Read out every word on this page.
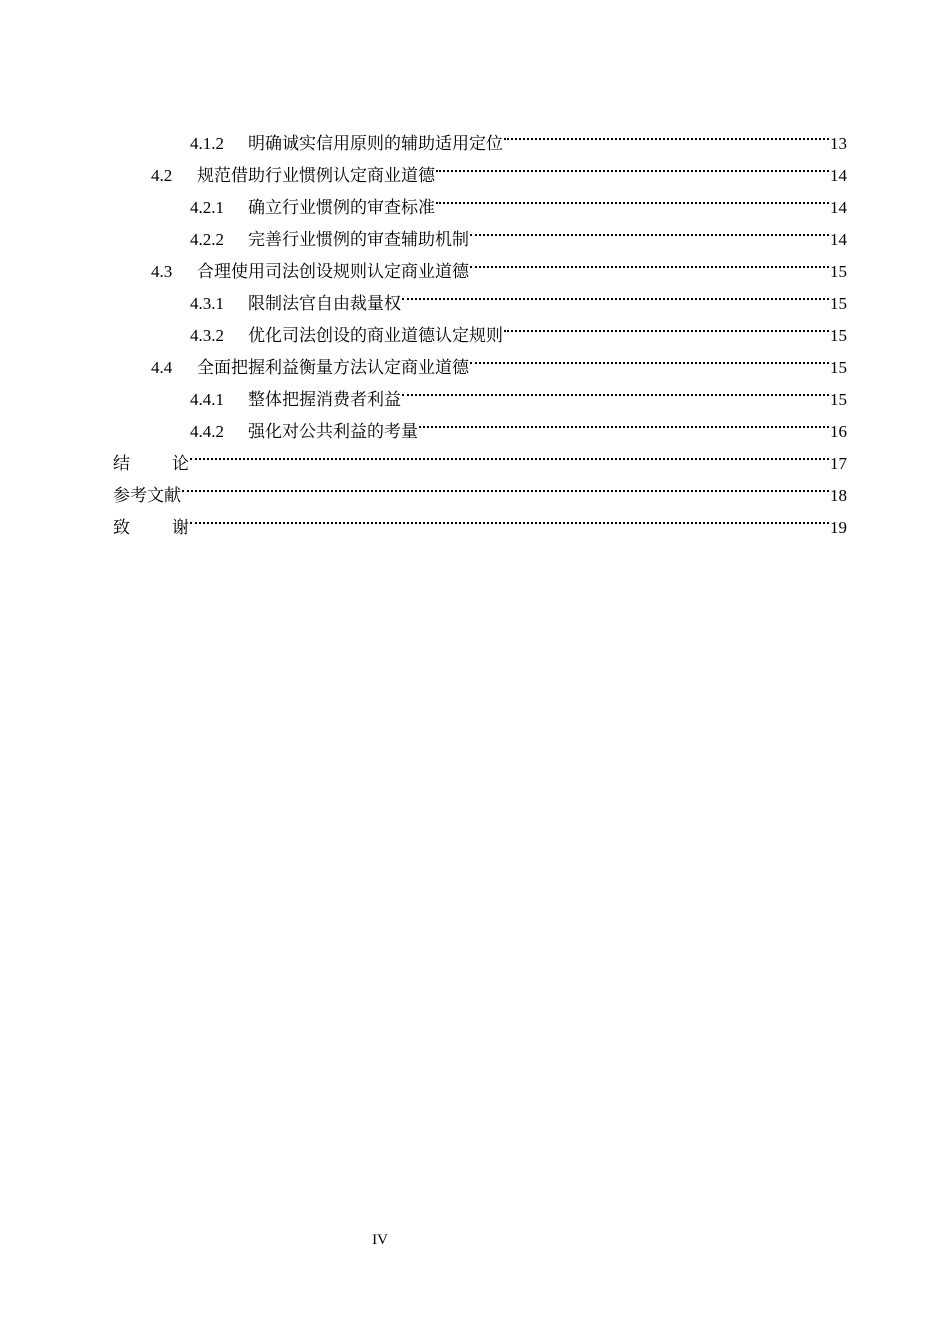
4.1.2	明确诚实信用原则的辅助适用定位	13
4.2	规范借助行业惯例认定商业道德	14
4.2.1	确立行业惯例的审查标准	14
4.2.2	完善行业惯例的审查辅助机制	14
4.3	合理使用司法创设规则认定商业道德	15
4.3.1	限制法官自由裁量权	15
4.3.2	优化司法创设的商业道德认定规则	15
4.4	全面把握利益衡量方法认定商业道德	15
4.4.1	整体把握消费者利益	15
4.4.2	强化对公共利益的考量	16
结　　论	17
参考文献	18
致　　谢	19
IV
